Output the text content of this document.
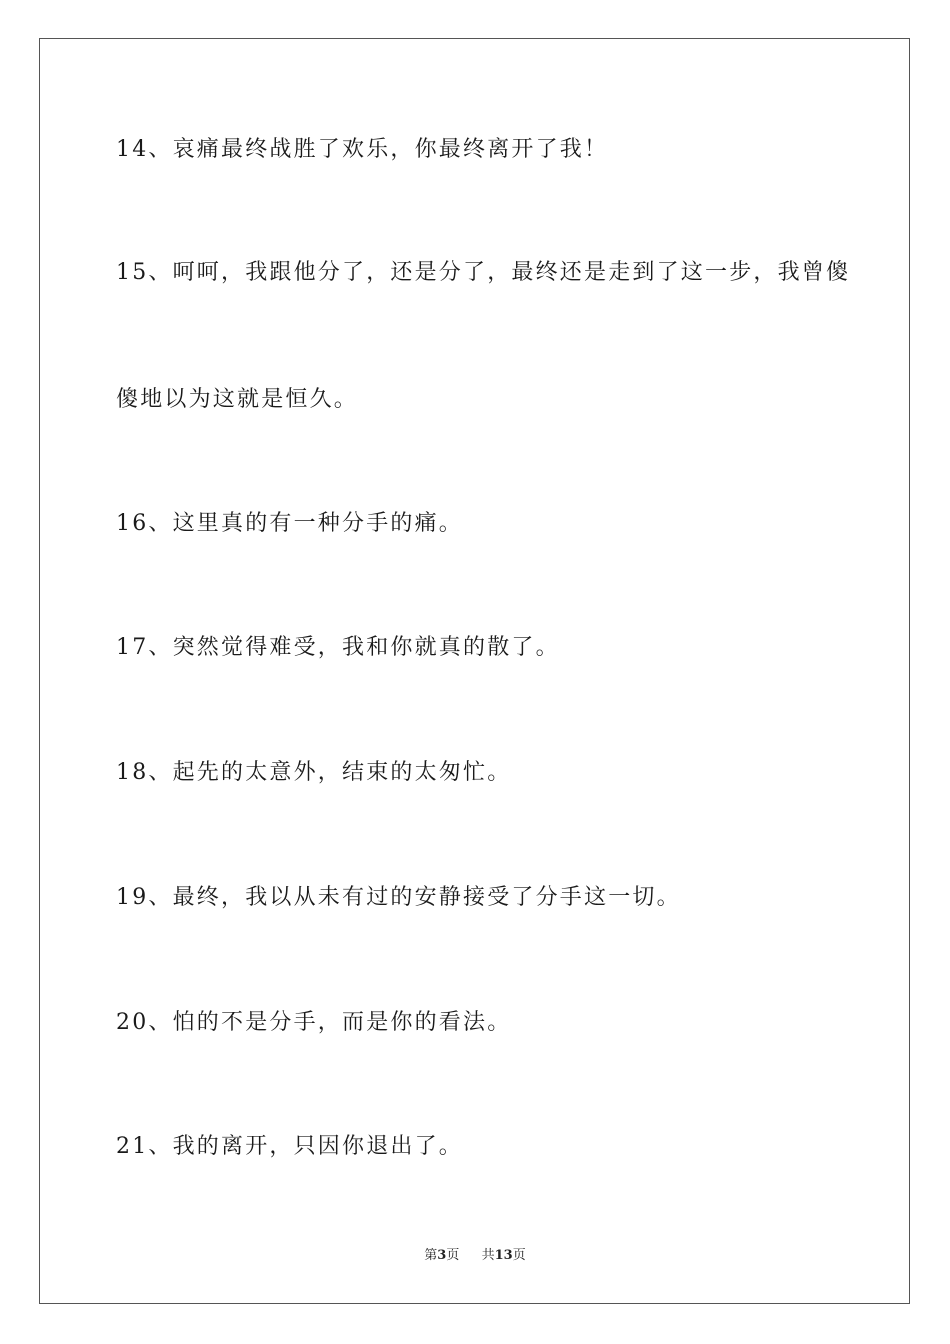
14、哀痛最终战胜了欢乐，你最终离开了我！
15、呵呵，我跟他分了，还是分了，最终还是走到了这一步，我曾傻
傻地以为这就是恒久。
16、这里真的有一种分手的痛。
17、突然觉得难受，我和你就真的散了。
18、起先的太意外，结束的太匆忙。
19、最终，我以从未有过的安静接受了分手这一切。
20、怕的不是分手，而是你的看法。
21、我的离开，只因你退出了。
第3页 共13页
